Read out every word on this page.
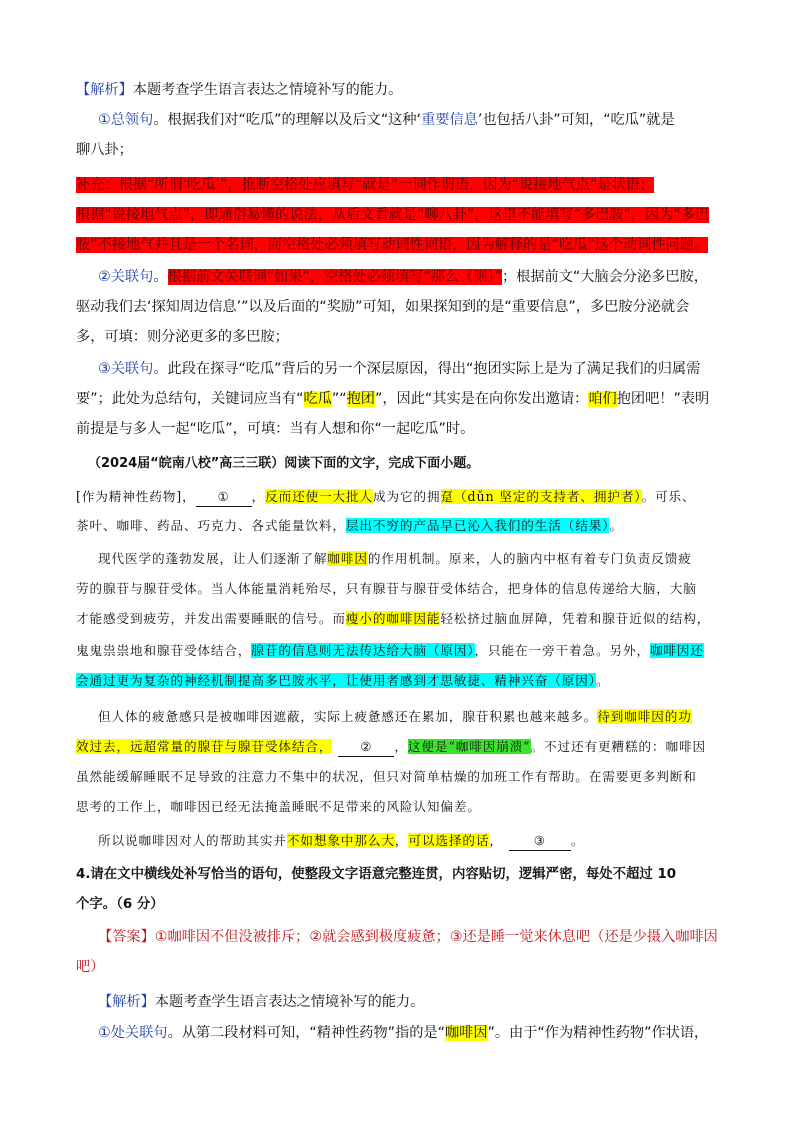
【解析】本题考查学生语言表达之情境补写的能力。
①总领句。根据我们对“吃瓜”的理解以及后文“这种‘重要信息’也包括八卦”可知，“吃瓜”就是
聊八卦；
补充：根据“所谓‘吃瓜’”，推断空格处应填写“就是”一词作谓语，因为“说接地气点”是状语；
根据“说接地气点”，即通俗易懂的说法，从后文看就是“聊八卦”，这里不能填写“多巴胺”，因为“多巴
胺”不接地气并且是一个名词，而空格处必须填写动词性词语，因为解释的是“吃瓜”这个动词性问题。
②关联句。根据前文关联词“如果”，空格处必须填写“那么（则）”；根据前文“大脑会分泌多巴胺，
驱动我们去‘探知周边信息’”以及后面的“奖励”可知，如果探知到的是“重要信息”，多巴胺分泌就会
多，可填：则分泌更多的多巴胺；
③关联句。此段在探寻“吃瓜”背后的另一个深层原因，得出“抱团实际上是为了满足我们的归属需
要”；此处为总结句，关键词应当有“吃瓜”“抱团”，因此“其实是在向你发出邀请：咱们抱团吧！”表明
前提是与多人一起“吃瓜”，可填：当有人想和你“一起吃瓜”时。
（2024届“皖南八校”高三三联）阅读下面的文字，完成下面小题。
[作为精神性药物]， ① ，反而还使一大批人成为它的拥趸（dǔn 坚定的支持者、拥护者）。可乐、
茶叶、咖啡、药品、巧克力、各式能量饮料，层出不穷的产品早已沁入我们的生活（结果）。
现代医学的蓬勃发展，让人们逐渐了解咖啡因的作用机制。原来，人的脑内中枢有着专门负责反馈疲
劳的腺苷与腺苷受体。当人体能量消耗殆尽，只有腺苷与腺苷受体结合，把身体的信息传递给大脑，大脑
才能感受到疲劳，并发出需要睡眠的信号。而瘦小的咖啡因能轻松挤过脑血屏障，凭着和腺苷近似的结构，
鬼鬼祟祟地和腺苷受体结合，腺苷的信息则无法传达给大脑（原因），只能在一旁干着急。另外，咖啡因还
会通过更为复杂的神经机制提高多巴胺水平，让使用者感到才思敏捷、精神兴奋（原因）。
但人体的疲惫感只是被咖啡因遮蔽，实际上疲惫感还在累加，腺苷积累也越来越多。待到咖啡因的功
效过去，远超常量的腺苷与腺苷受体结合， ② ，这便是“咖啡因崩溃”。不过还有更糟糕的：咖啡因
虽然能缓解睡眠不足导致的注意力不集中的状况，但只对简单枯燥的加班工作有帮助。在需要更多判断和
思考的工作上，咖啡因已经无法掩盖睡眠不足带来的风险认知偏差。
所以说咖啡因对人的帮助其实并不如想象中那么大，可以选择的话， ③ 。
4.请在文中横线处补写恰当的语句，使整段文字语意完整连贯，内容贴切，逻辑严密，每处不超过 10
个字。（6 分）
【答案】①咖啡因不但没被排斥；②就会感到极度疲惫；③还是睡一觉来休息吧（还是少摄入咖啡因
吧）
【解析】本题考查学生语言表达之情境补写的能力。
①处关联句。从第二段材料可知，“精神性药物”指的是“咖啡因”。由于“作为精神性药物”作状语，
